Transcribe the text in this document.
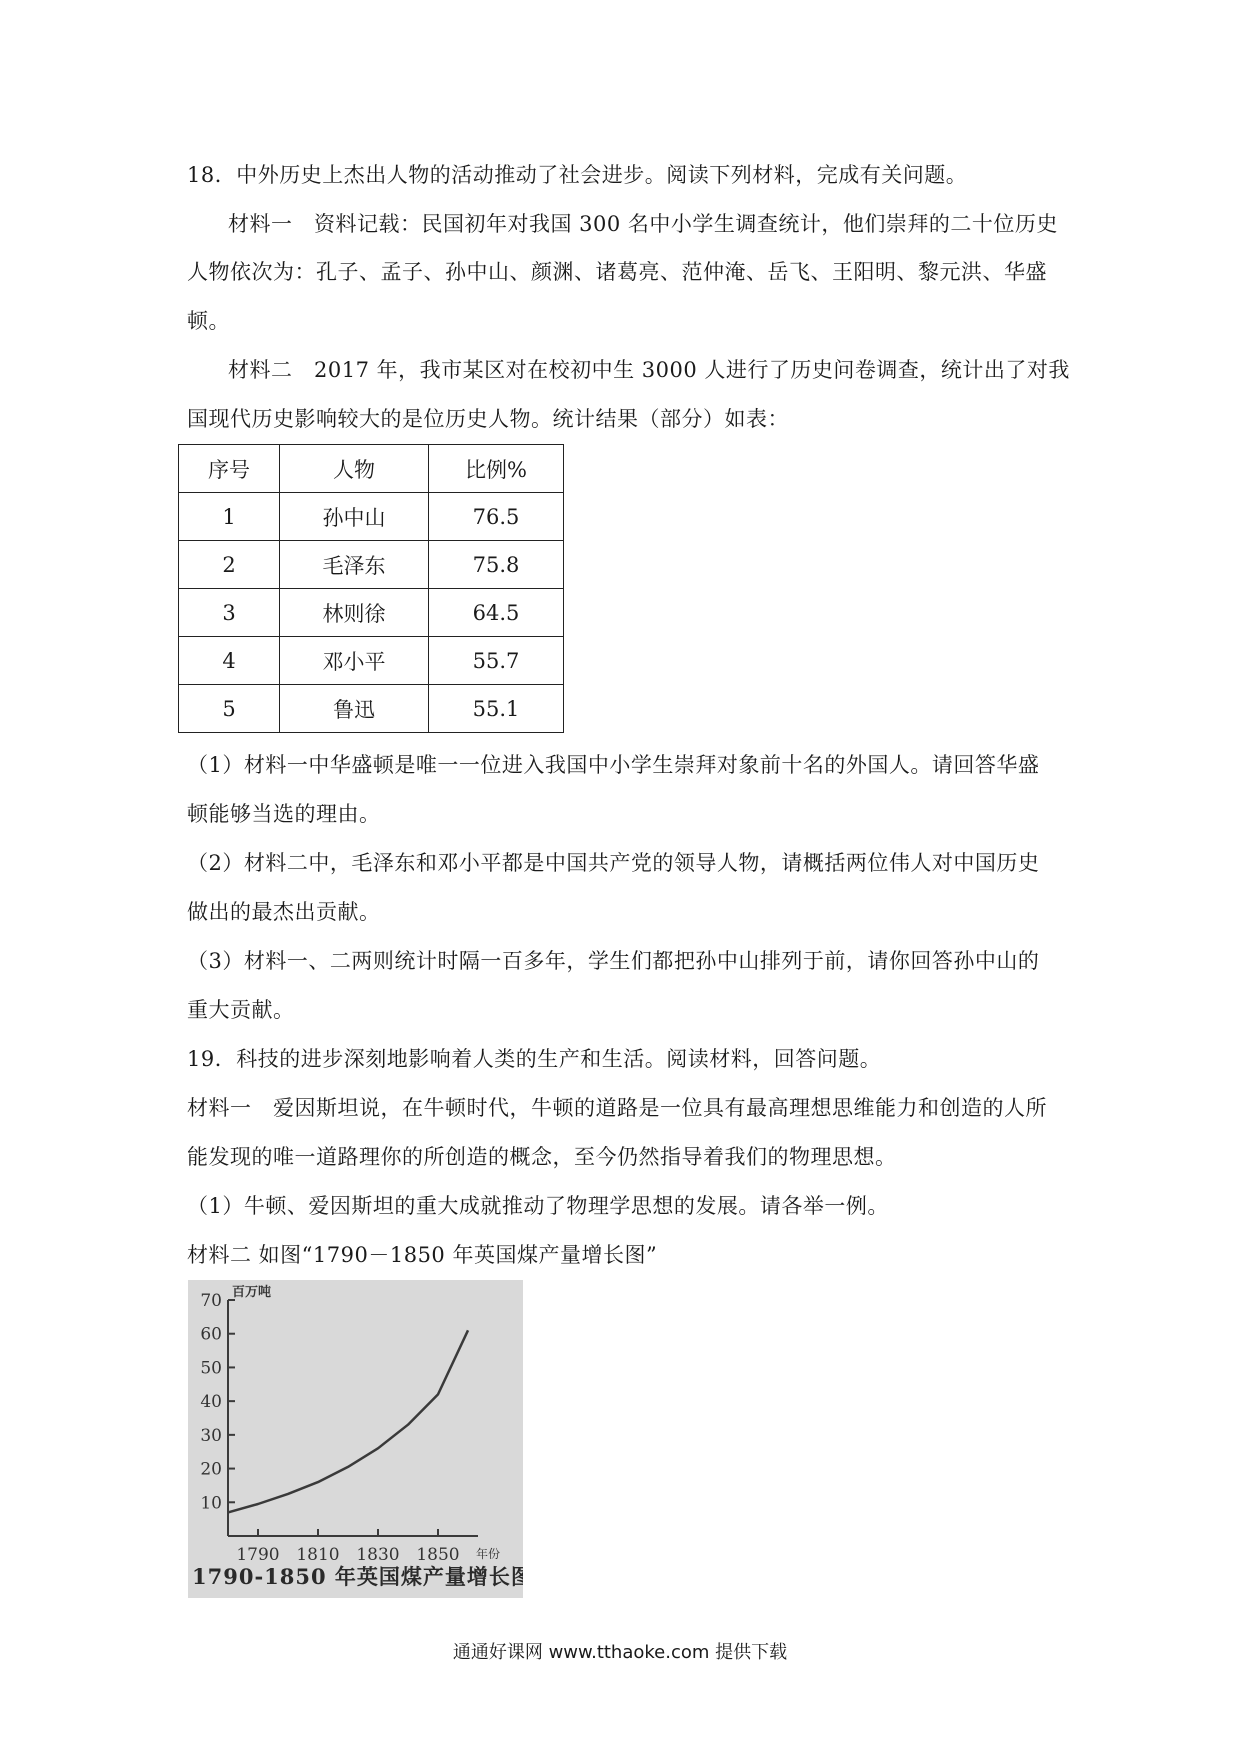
18．中外历史上杰出人物的活动推动了社会进步。阅读下列材料，完成有关问题。
材料一　资料记载：民国初年对我国 300 名中小学生调查统计，他们崇拜的二十位历史
人物依次为：孔子、孟子、孙中山、颜渊、诸葛亮、范仲淹、岳飞、王阳明、黎元洪、华盛
顿。
材料二　2017 年，我市某区对在校初中生 3000 人进行了历史问卷调查，统计出了对我
国现代历史影响较大的是位历史人物。统计结果（部分）如表：
序号	人物	比例%
1	孙中山	76.5
2	毛泽东	75.8
3	林则徐	64.5
4	邓小平	55.7
5	鲁迅	55.1
（1）材料一中华盛顿是唯一一位进入我国中小学生崇拜对象前十名的外国人。请回答华盛
顿能够当选的理由。
（2）材料二中，毛泽东和邓小平都是中国共产党的领导人物，请概括两位伟人对中国历史
做出的最杰出贡献。
（3）材料一、二两则统计时隔一百多年，学生们都把孙中山排列于前，请你回答孙中山的
重大贡献。
19．科技的进步深刻地影响着人类的生产和生活。阅读材料，回答问题。
材料一　爱因斯坦说，在牛顿时代，牛顿的道路是一位具有最高理想思维能力和创造的人所
能发现的唯一道路理你的所创造的概念，至今仍然指导着我们的物理思想。
（1）牛顿、爱因斯坦的重大成就推动了物理学思想的发展。请各举一例。
材料二 如图“1790－1850 年英国煤产量增长图”
10
20
30
40
50
60
70
1790 1810 1830 1850
百万吨
年份
1790-1850 年英国煤产量增长图
通通好课网 www.tthaoke.com 提供下载
